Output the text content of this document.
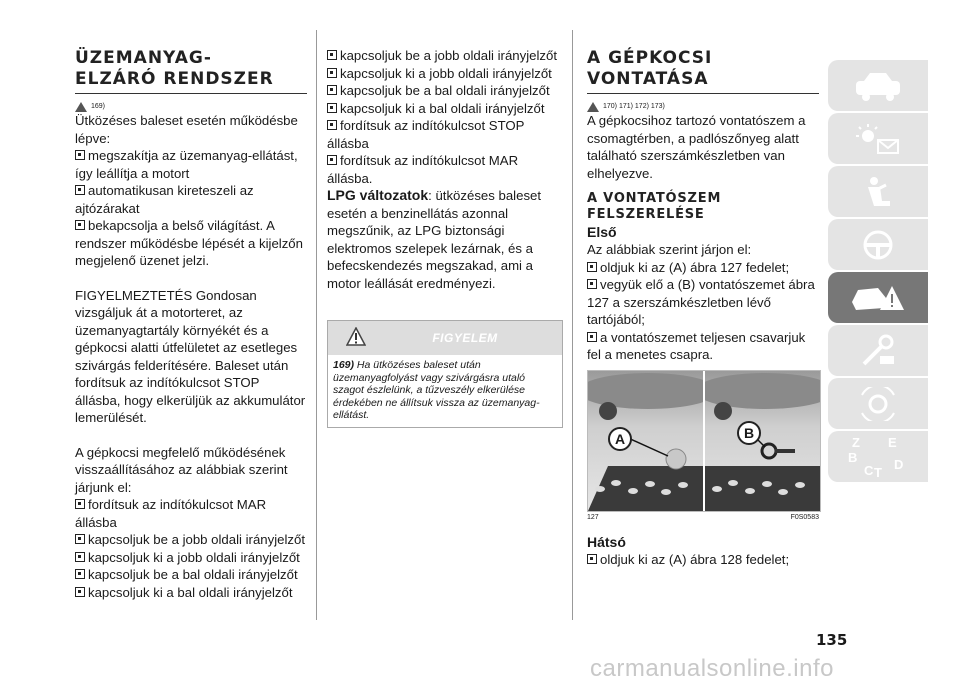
ÜZEMANYAG-
ELZÁRÓ RENDSZER
169)

Ütközéses baleset esetén működésbe lépve:

megszakítja az üzemanyag-ellátást, így leállítja a motort
automatikusan kireteszeli az ajtózárakat
bekapcsolja a belső világítást. A rendszer működésbe lépését a kijelzőn megjelenő üzenet jelzi.

FIGYELMEZTETÉS Gondosan vizsgáljuk át a motorteret, az üzemanyagtartály környékét és a gépkocsi alatti útfelületet az esetleges szivárgás felderítésére. Baleset után fordítsuk az indítókulcsot STOP állásba, hogy elkerüljük az akkumulátor lemerülését.

A gépkocsi megfelelő működésének visszaállításához az alábbiak szerint járjunk el:

fordítsuk az indítókulcsot MAR állásba
kapcsoljuk be a jobb oldali irányjelzőt
kapcsoljuk ki a jobb oldali irányjelzőt
kapcsoljuk be a bal oldali irányjelzőt
kapcsoljuk ki a bal oldali irányjelzőt
kapcsoljuk be a jobb oldali irányjelzőt
kapcsoljuk ki a jobb oldali irányjelzőt
kapcsoljuk be a bal oldali irányjelzőt
kapcsoljuk ki a bal oldali irányjelzőt
fordítsuk az indítókulcsot STOP állásba
fordítsuk az indítókulcsot MAR állásba.

LPG változatok: ütközéses baleset esetén a benzinellátás azonnal megszűnik, az LPG biztonsági elektromos szelepek lezárnak, és a befecskendezés megszakad, ami a motor leállását eredményezi.

FIGYELEM
169) Ha ütközéses baleset után üzemanyagfolyást vagy szivárgásra utaló szagot észlelünk, a tűzveszély elkerülése érdekében ne állítsuk vissza az üzemanyag-ellátást.
A GÉPKOCSI
VONTATÁSA
170) 171) 172) 173)

A gépkocsihoz tartozó vontatószem a csomagtérben, a padlószőnyeg alatt található szerszámkészletben van elhelyezve.

A VONTATÓSZEM
FELSZERELÉSE
Első

Az alábbiak szerint járjon el:

oldjuk ki az (A) ábra 127 fedelet;
vegyük elő a (B) vontatószemet ábra 127 a szerszámkészletben lévő tartójából;
a vontatószemet teljesen csavarjuk fel a menetes csapra.
A	B
127	F0S0583
Hátsó
oldjuk ki az (A) ábra 128 fedelet;
Z E
B
C T
D
135
carmanualsonline.info
